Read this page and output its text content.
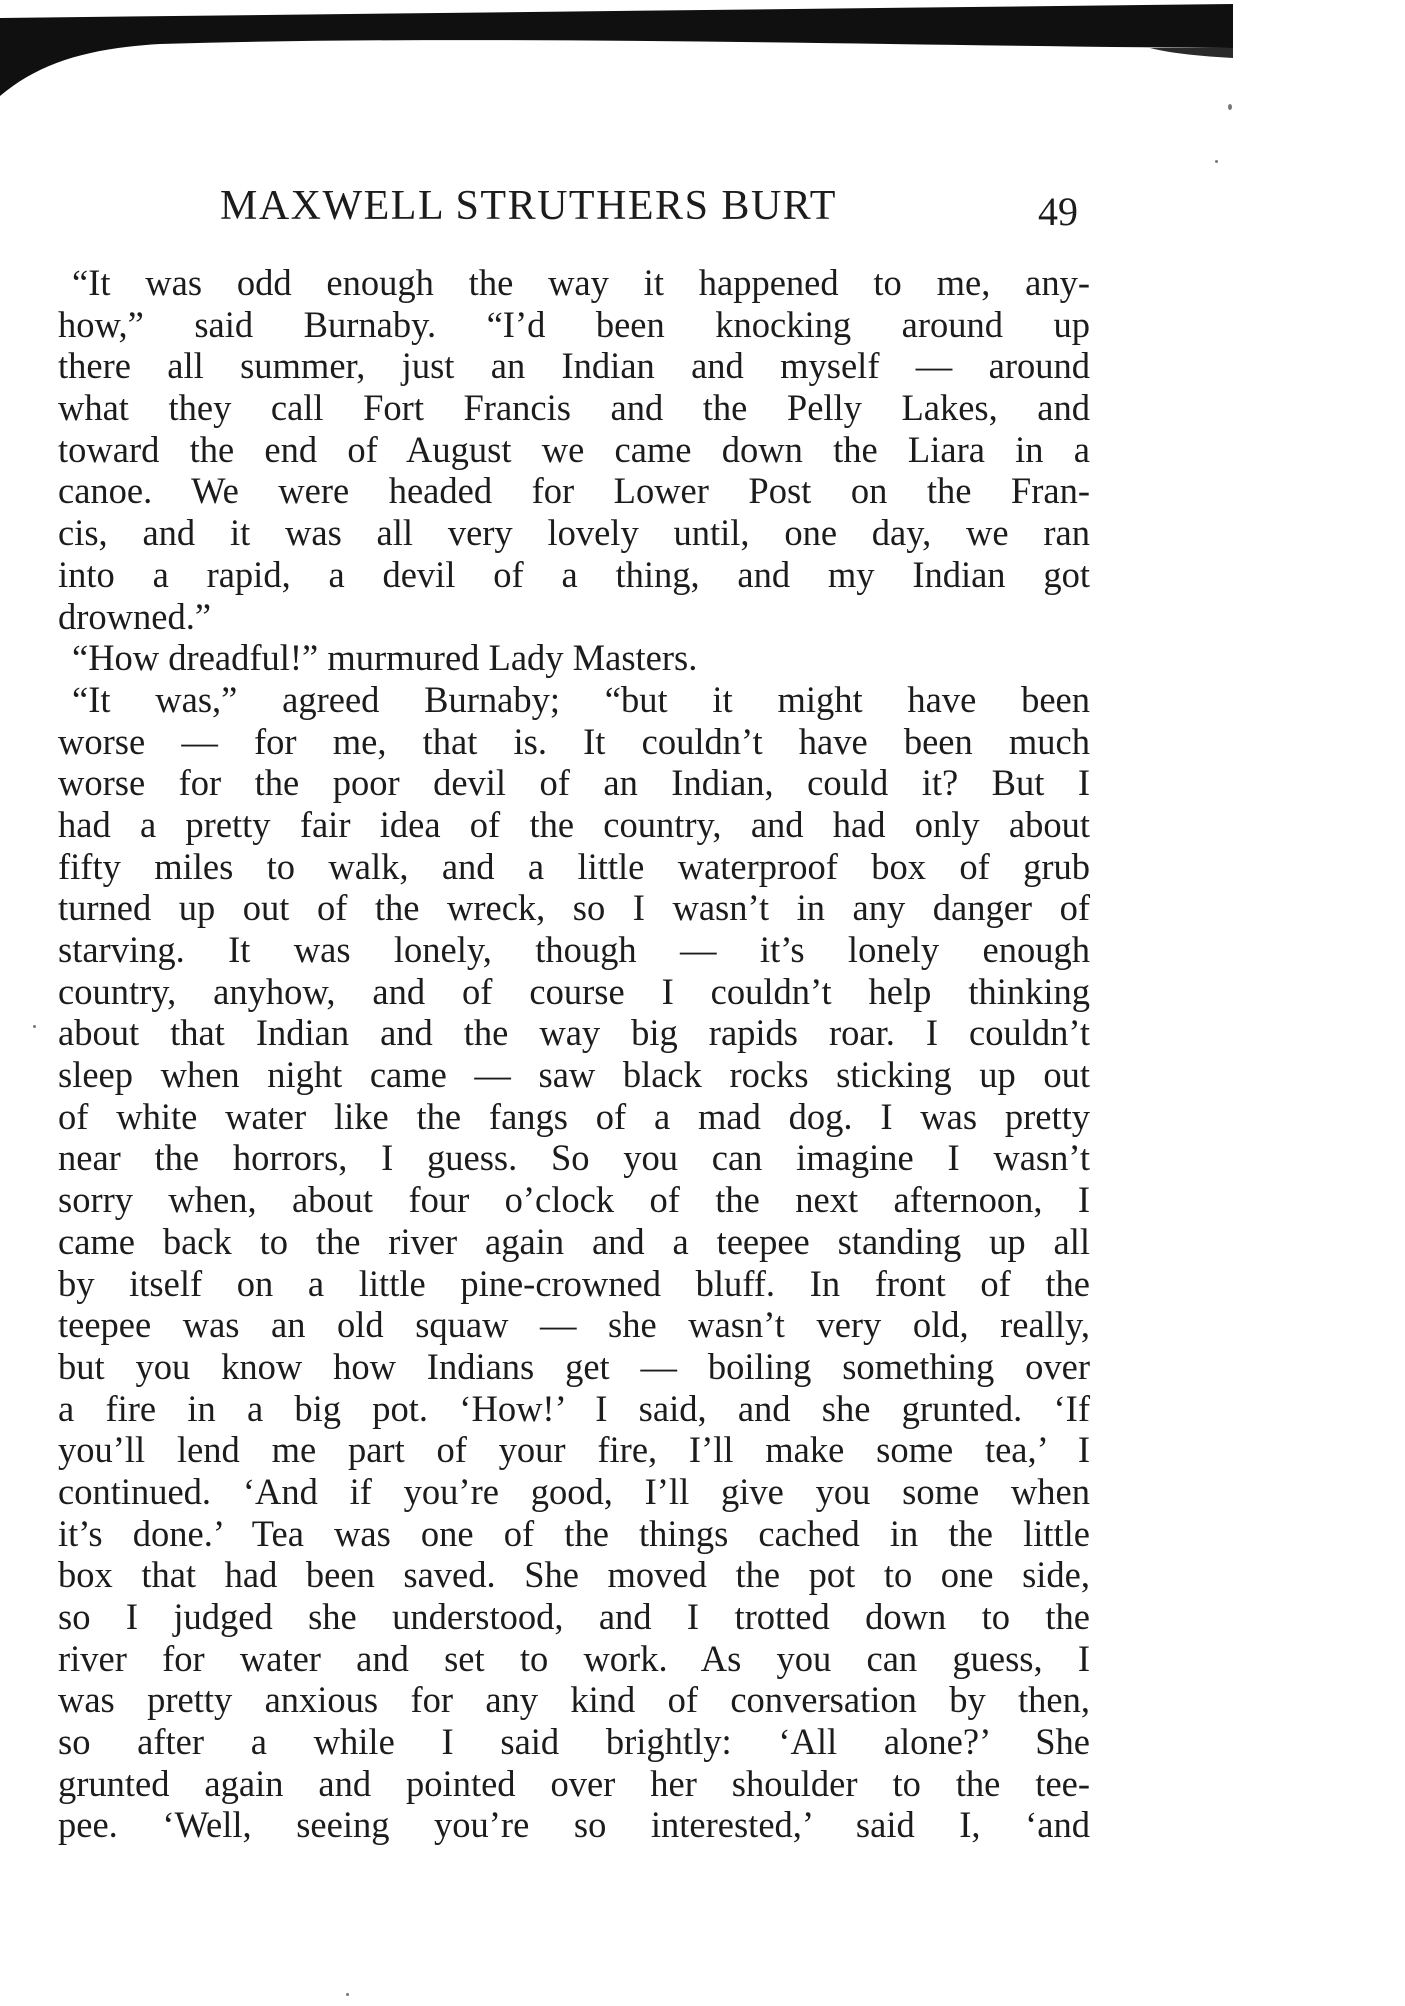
MAXWELL STRUTHERS BURT	49
“It was odd enough the way it happened to me, any-
how,” said Burnaby. “I’d been knocking around up
there all summer, just an Indian and myself — around
what they call Fort Francis and the Pelly Lakes, and
toward the end of August we came down the Liara in a
canoe. We were headed for Lower Post on the Fran-
cis, and it was all very lovely until, one day, we ran
into a rapid, a devil of a thing, and my Indian got
drowned.”
“How dreadful!” murmured Lady Masters.
“It was,” agreed Burnaby; “but it might have been
worse — for me, that is. It couldn’t have been much
worse for the poor devil of an Indian, could it? But I
had a pretty fair idea of the country, and had only about
fifty miles to walk, and a little waterproof box of grub
turned up out of the wreck, so I wasn’t in any danger of
starving. It was lonely, though — it’s lonely enough
country, anyhow, and of course I couldn’t help thinking
about that Indian and the way big rapids roar. I couldn’t
sleep when night came — saw black rocks sticking up out
of white water like the fangs of a mad dog. I was pretty
near the horrors, I guess. So you can imagine I wasn’t
sorry when, about four o’clock of the next afternoon, I
came back to the river again and a teepee standing up all
by itself on a little pine-crowned bluff. In front of the
teepee was an old squaw — she wasn’t very old, really,
but you know how Indians get — boiling something over
a fire in a big pot. ‘How!’ I said, and she grunted. ‘If
you’ll lend me part of your fire, I’ll make some tea,’ I
continued. ‘And if you’re good, I’ll give you some when
it’s done.’ Tea was one of the things cached in the little
box that had been saved. She moved the pot to one side,
so I judged she understood, and I trotted down to the
river for water and set to work. As you can guess, I
was pretty anxious for any kind of conversation by then,
so after a while I said brightly: ‘All alone?’ She
grunted again and pointed over her shoulder to the tee-
pee. ‘Well, seeing you’re so interested,’ said I, ‘and
